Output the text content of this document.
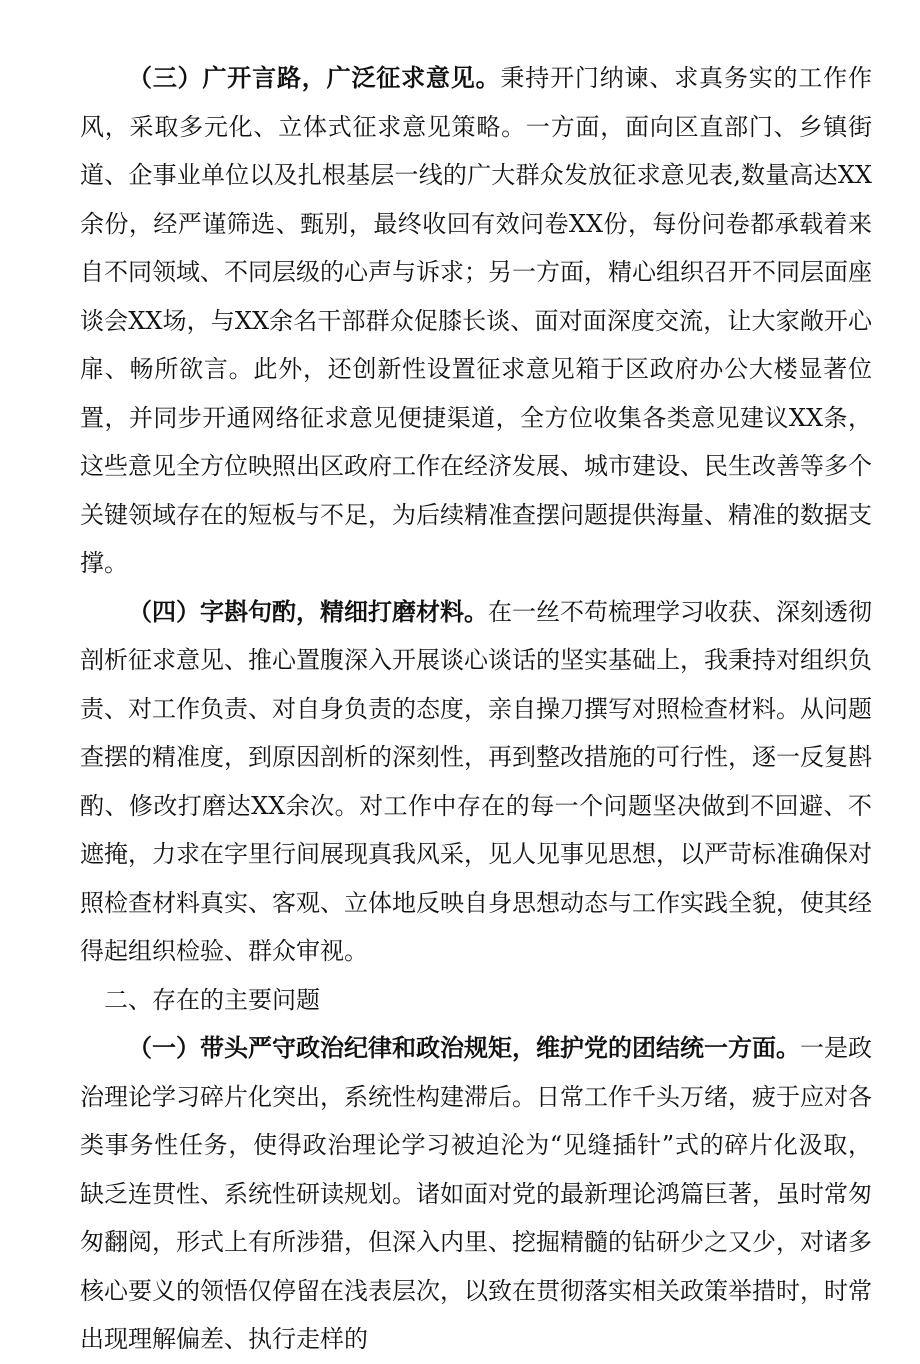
（三）广开言路，广泛征求意见。秉持开门纳谏、求真务实的工作作风，采取多元化、立体式征求意见策略。一方面，面向区直部门、乡镇街道、企事业单位以及扎根基层一线的广大群众发放征求意见表,数量高达XX余份，经严谨筛选、甄别，最终收回有效问卷XX份，每份问卷都承载着来自不同领域、不同层级的心声与诉求；另一方面，精心组织召开不同层面座谈会XX场，与XX余名干部群众促膝长谈、面对面深度交流，让大家敞开心扉、畅所欲言。此外，还创新性设置征求意见箱于区政府办公大楼显著位置，并同步开通网络征求意见便捷渠道，全方位收集各类意见建议XX条，这些意见全方位映照出区政府工作在经济发展、城市建设、民生改善等多个关键领域存在的短板与不足，为后续精准查摆问题提供海量、精准的数据支撑。

（四）字斟句酌，精细打磨材料。在一丝不苟梳理学习收获、深刻透彻剖析征求意见、推心置腹深入开展谈心谈话的坚实基础上，我秉持对组织负责、对工作负责、对自身负责的态度，亲自操刀撰写对照检查材料。从问题查摆的精准度，到原因剖析的深刻性，再到整改措施的可行性，逐一反复斟酌、修改打磨达XX余次。对工作中存在的每一个问题坚决做到不回避、不遮掩，力求在字里行间展现真我风采，见人见事见思想，以严苛标准确保对照检查材料真实、客观、立体地反映自身思想动态与工作实践全貌，使其经得起组织检验、群众审视。

二、存在的主要问题

（一）带头严守政治纪律和政治规矩，维护党的团结统一方面。一是政治理论学习碎片化突出，系统性构建滞后。日常工作千头万绪，疲于应对各类事务性任务，使得政治理论学习被迫沦为“见缝插针”式的碎片化汲取，缺乏连贯性、系统性研读规划。诸如面对党的最新理论鸿篇巨著，虽时常匆匆翻阅，形式上有所涉猎，但深入内里、挖掘精髓的钻研少之又少，对诸多核心要义的领悟仅停留在浅表层次，以致在贯彻落实相关政策举措时，时常出现理解偏差、执行走样的
